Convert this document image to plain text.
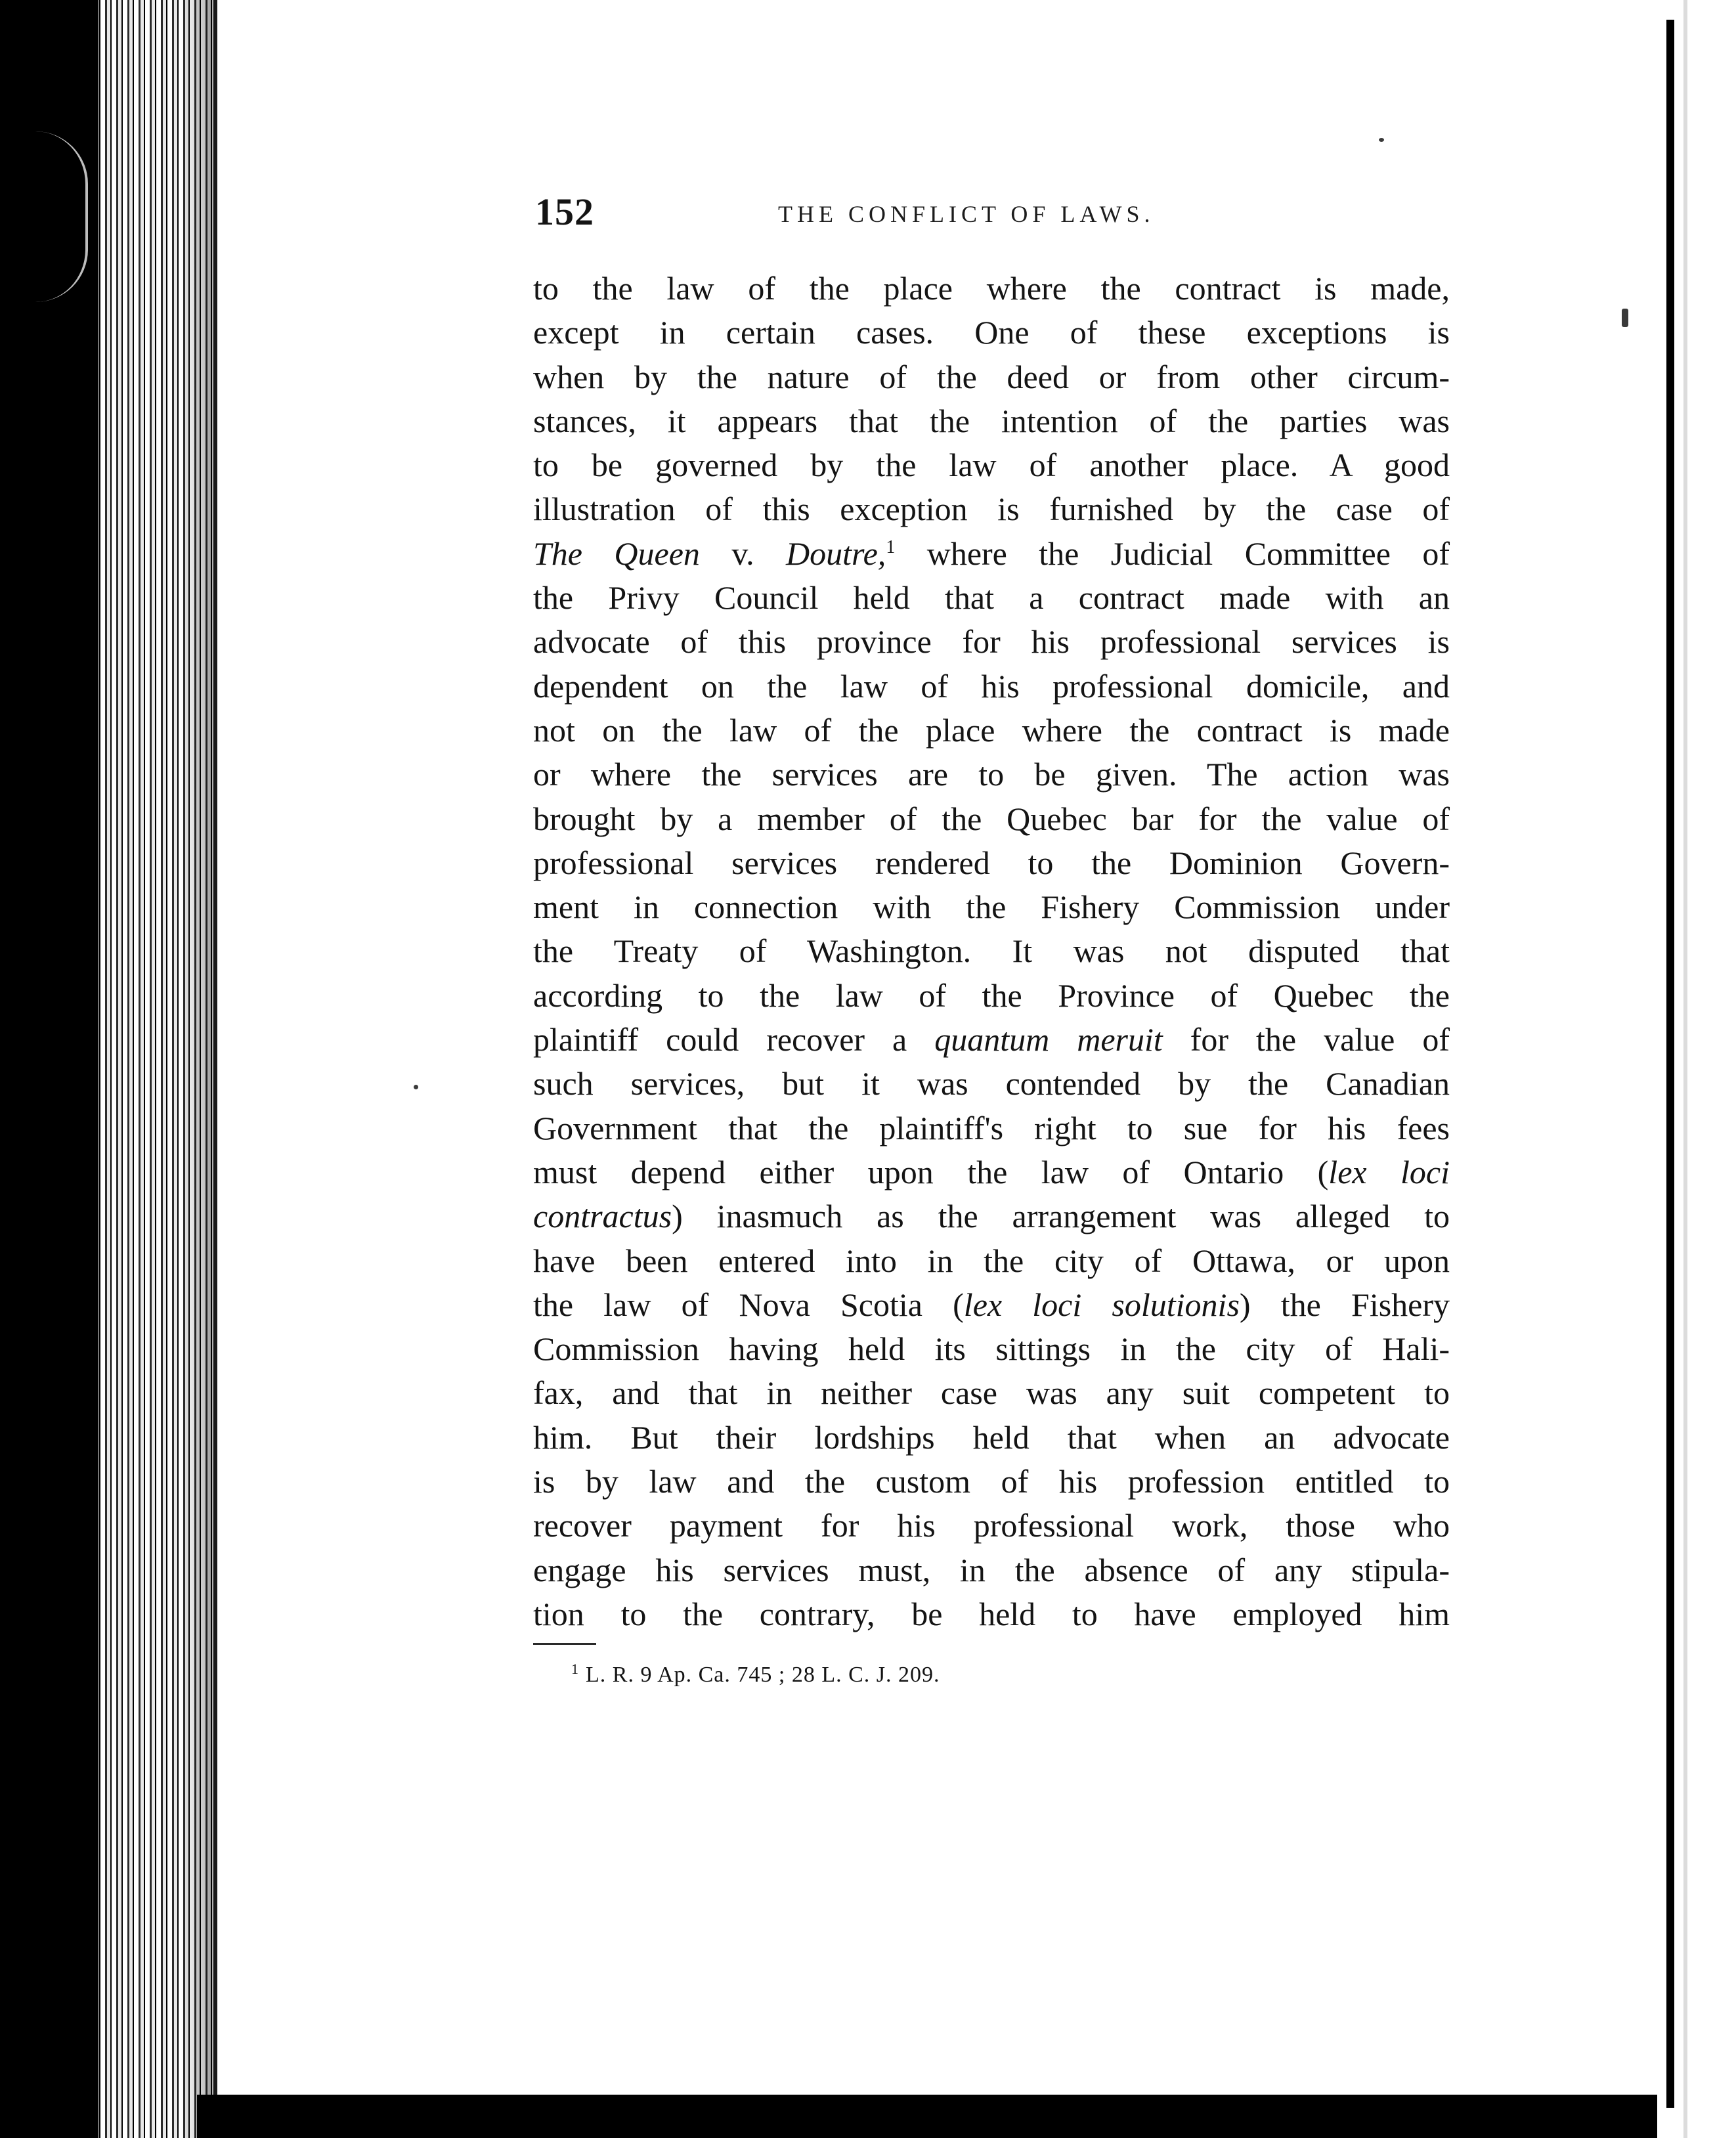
152	THE CONFLICT OF LAWS.
to the law of the place where the contract is made,
except in certain cases. One of these exceptions is
when by the nature of the deed or from other circum-
stances, it appears that the intention of the parties was
to be governed by the law of another place. A good
illustration of this exception is furnished by the case of
The Queen v. Doutre,$^1$ where the Judicial Committee of
the Privy Council held that a contract made with an
advocate of this province for his professional services is
dependent on the law of his professional domicile, and
not on the law of the place where the contract is made
or where the services are to be given. The action was
brought by a member of the Quebec bar for the value of
professional services rendered to the Dominion Govern-
ment in connection with the Fishery Commission under
the Treaty of Washington. It was not disputed that
according to the law of the Province of Quebec the
plaintiff could recover a quantum meruit for the value of
such services, but it was contended by the Canadian
Government that the plaintiff's right to sue for his fees
must depend either upon the law of Ontario (lex loci
contractus) inasmuch as the arrangement was alleged to
have been entered into in the city of Ottawa, or upon
the law of Nova Scotia (lex loci solutionis) the Fishery
Commission having held its sittings in the city of Hali-
fax, and that in neither case was any suit competent to
him. But their lordships held that when an advocate
is by law and the custom of his profession entitled to
recover payment for his professional work, those who
engage his services must, in the absence of any stipula-
tion to the contrary, be held to have employed him
$^1$ L. R. 9 Ap. Ca. 745 ; 28 L. C. J. 209.
